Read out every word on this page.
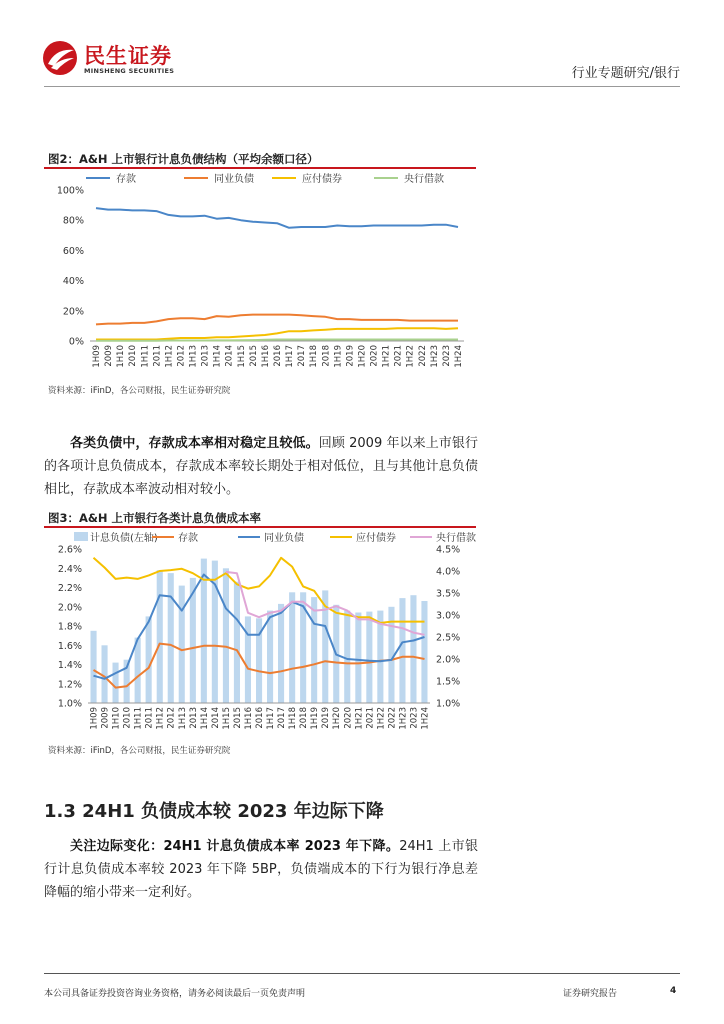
民生证券
MINSHENG SECURITIES	行业专题研究/银行
图2：A&H 上市银行计息负债结构（平均余额口径）
存款	同业负债	应付债券	央行借款
0%
20%
40%
60%
80%
100%
1H09 2009 1H10 2010 1H11 2011 1H12 2012 1H13 2013 1H14 2014 1H15 2015 1H16 2016 1H17 2017 1H18 2018 1H19 2019 1H20 2020 1H21 2021 1H22 2022 1H23 2023 1H24
资料来源：iFinD，各公司财报，民生证券研究院
各类负债中，存款成本率相对稳定且较低。回顾 2009 年以来上市银行的各项计息负债成本，存款成本率较长期处于相对低位，且与其他计息负债相比，存款成本率波动相对较小。
图3：A&H 上市银行各类计息负债成本率
计息负债(左轴) 存款	同业负债	应付债券	央行借款
1.0%
1.2%
1.4%
1.6%
1.8%
2.0%
2.2%
2.4%
2.6%
1.0%
1.5%
2.0%
2.5%
3.0%
3.5%
4.0%
4.5%
1H09 2009 1H10 2010 1H11 2011 1H12 2012 1H13 2013 1H14 2014 1H15 2015 1H16 2016 1H17 2017 1H18 2018 1H19 2019 1H20 2020 1H21 2021 1H22 2022 1H23 2023 1H24
资料来源：iFinD，各公司财报，民生证券研究院
1.3 24H1 负债成本较 2023 年边际下降
关注边际变化：24H1 计息负债成本率 2023 年下降。24H1 上市银行计息负债成本率较 2023 年下降 5BP，负债端成本的下行为银行净息差降幅的缩小带来一定利好。
本公司具备证券投资咨询业务资格，请务必阅读最后一页免责声明	证券研究报告	4
